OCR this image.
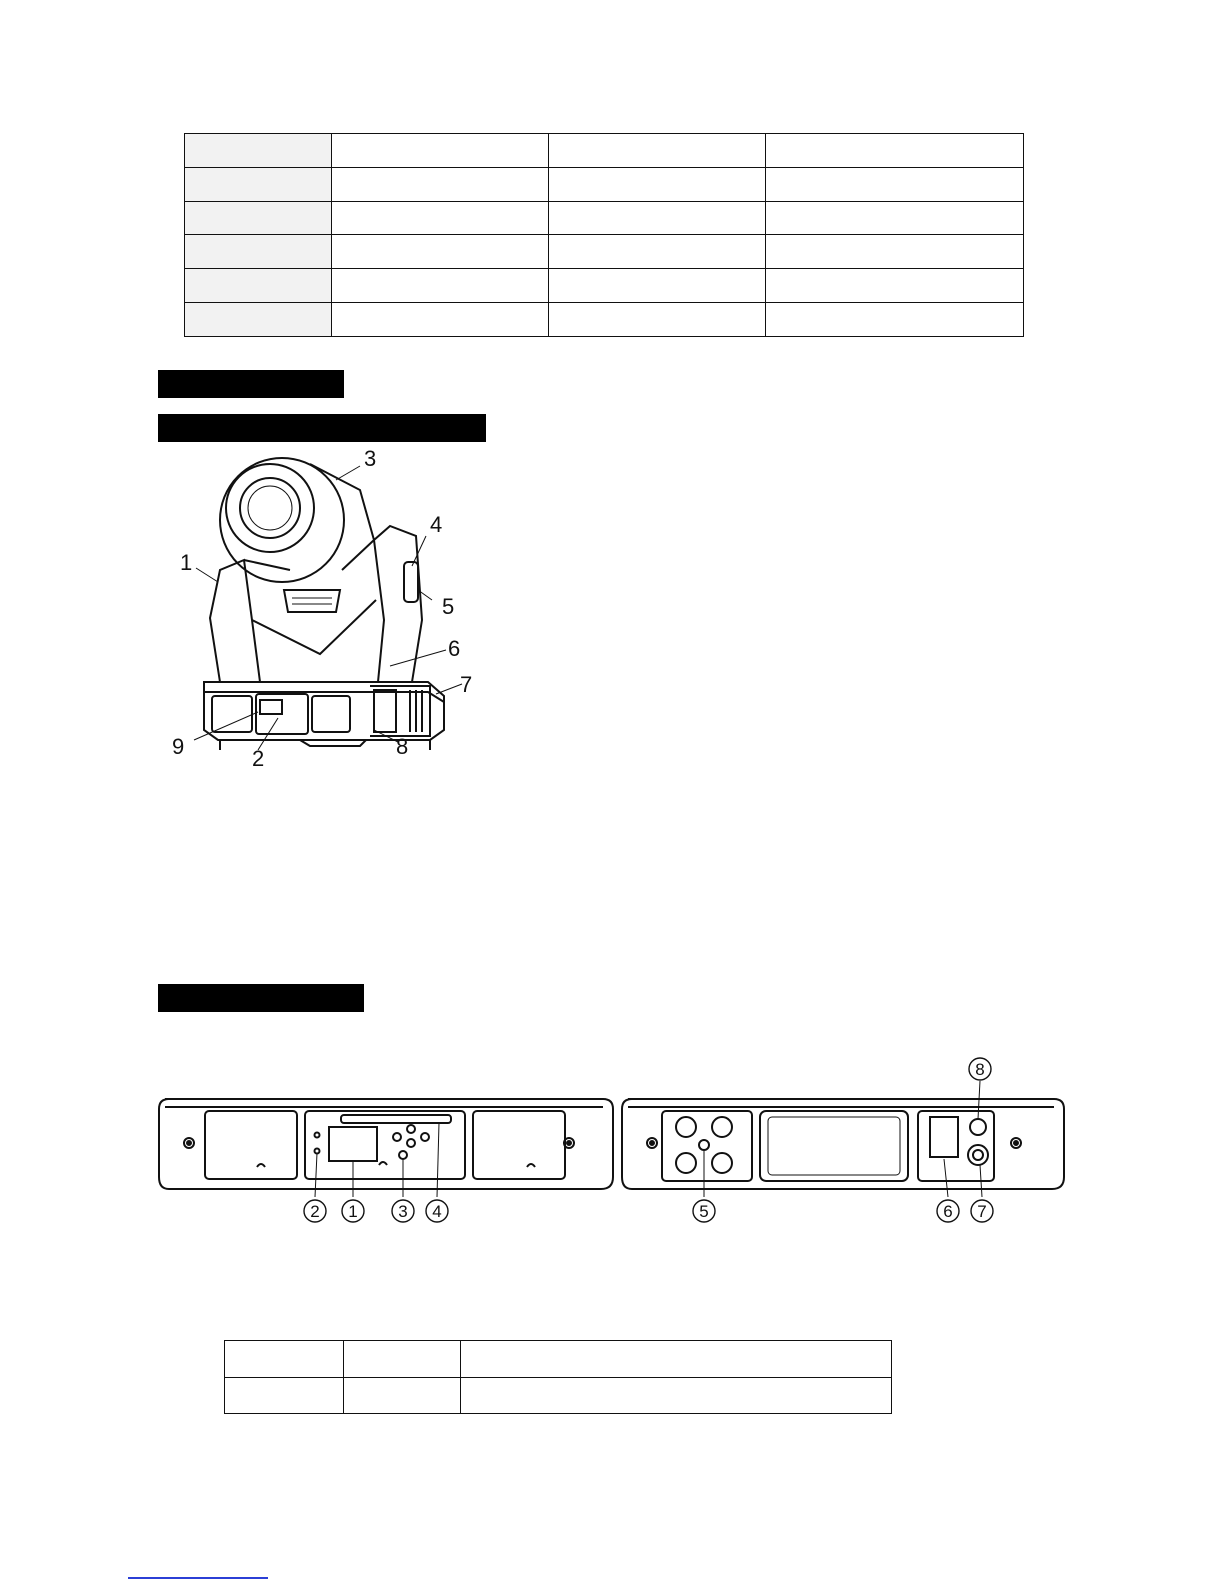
1
2
3
4
5
6
7
8
9
2 1 3 4	5	6 7
8
